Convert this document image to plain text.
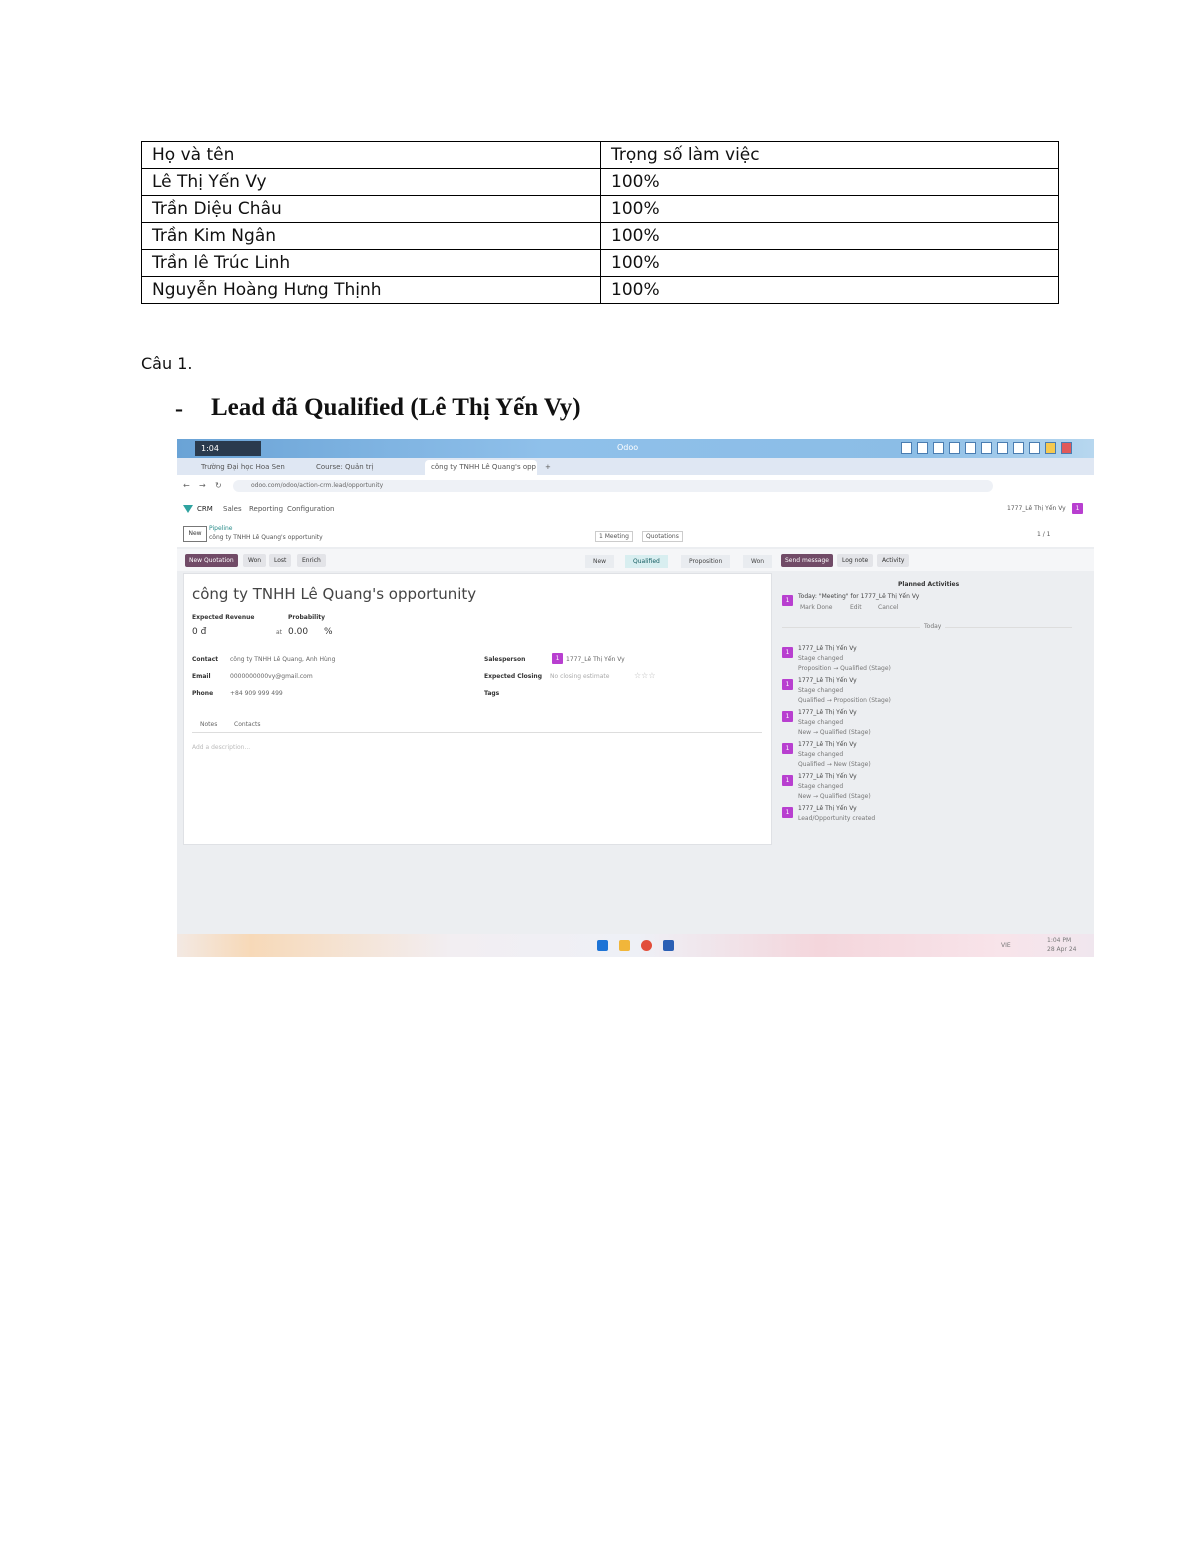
Họ và tên	Trọng số làm việc
Lê Thị Yến Vy	100%
Trần Diệu Châu	100%
Trần Kim Ngân	100%
Trần lê Trúc Linh	100%
Nguyễn Hoàng Hưng Thịnh	100%
Câu 1.
- Lead đã Qualified (Lê Thị Yến Vy)
1:04	Odoo
Trường Đại học Hoa Sen	Course: Quản trị	công ty TNHH Lê Quang's opp	+
← → ↻	odoo.com/odoo/action-crm.lead/opportunity
CRM Sales Reporting Configuration	1777_Lê Thị Yến Vy	1
New
Pipeline
công ty TNHH Lê Quang's opportunity	1 Meeting	Quotations	1 / 1
New Quotation	Won	Lost	Enrich	Send message	Log note	Activity
New	Qualified	Proposition	Won
công ty TNHH Lê Quang's opportunity
Expected Revenue	Probability
0 đ	at 0.00 %
Contact công ty TNHH Lê Quang, Anh Hùng
Email	0000000000vy@gmail.com
Phone	+84 909 999 499
Salesperson	1	1777_Lê Thị Yến Vy
Expected Closing No closing estimate	☆☆☆
Tags
Notes	Contacts
Add a description...
Planned Activities
1
Today: "Meeting" for 1777_Lê Thị Yến Vy
Mark Done	Edit	Cancel
Today
1
1777_Lê Thị Yến Vy
Stage changed
Proposition → Qualified (Stage)
1
1777_Lê Thị Yến Vy
Stage changed
Qualified → Proposition (Stage)
1
1777_Lê Thị Yến Vy
Stage changed
New → Qualified (Stage)
1
1777_Lê Thị Yến Vy
Stage changed
Qualified → New (Stage)
1
1777_Lê Thị Yến Vy
Stage changed
New → Qualified (Stage)
1
1777_Lê Thị Yến Vy
Lead/Opportunity created
VIE
1:04 PM
28 Apr 24
